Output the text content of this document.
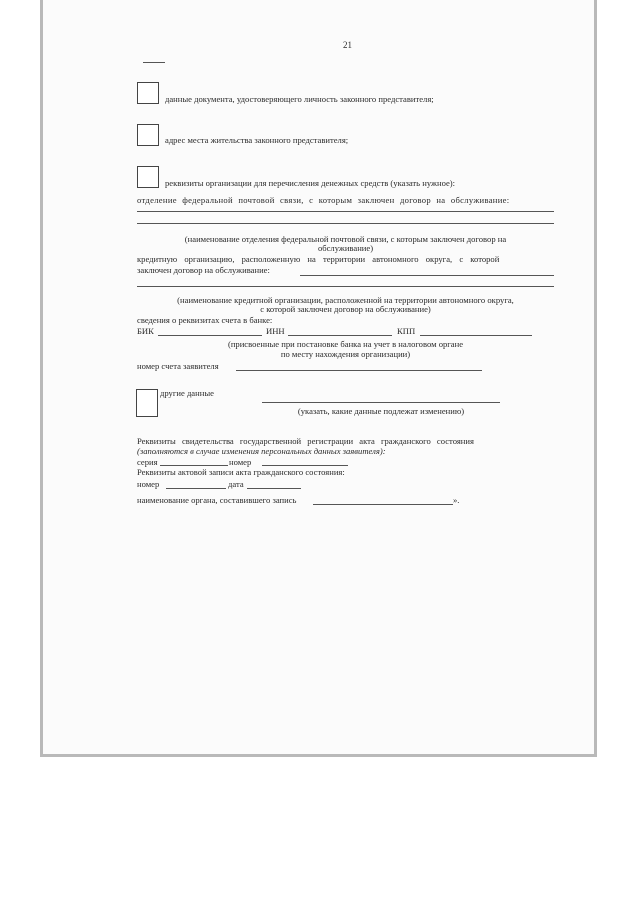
21
данные документа, удостоверяющего личность законного представителя;
адрес места жительства законного представителя;
реквизиты организации для перечисления денежных средств (указать нужное):
отделение федеральной почтовой связи, с которым заключен договор на обслуживание:
(наименование отделения федеральной почтовой связи, с которым заключен договор на
обслуживание)
кредитную организацию, расположенную на территории автономного округа, с которой
заключен договор на обслуживание:
(наименование кредитной организации, расположенной на территории автономного округа,
с которой заключен договор на обслуживание)
сведения о реквизитах счета в банке:
БИК	ИНН	КПП
(присвоенные при постановке банка на учет в налоговом органе
по месту нахождения организации)
номер счета заявителя
другие данные
(указать, какие данные подлежат изменению)
Реквизиты свидетельства государственной регистрации акта гражданского состояния
(заполняются в случае изменения персональных данных заявителя):
серия	номер
Реквизиты актовой записи акта гражданского состояния:
номер	дата
наименование органа, составившего запись	».
